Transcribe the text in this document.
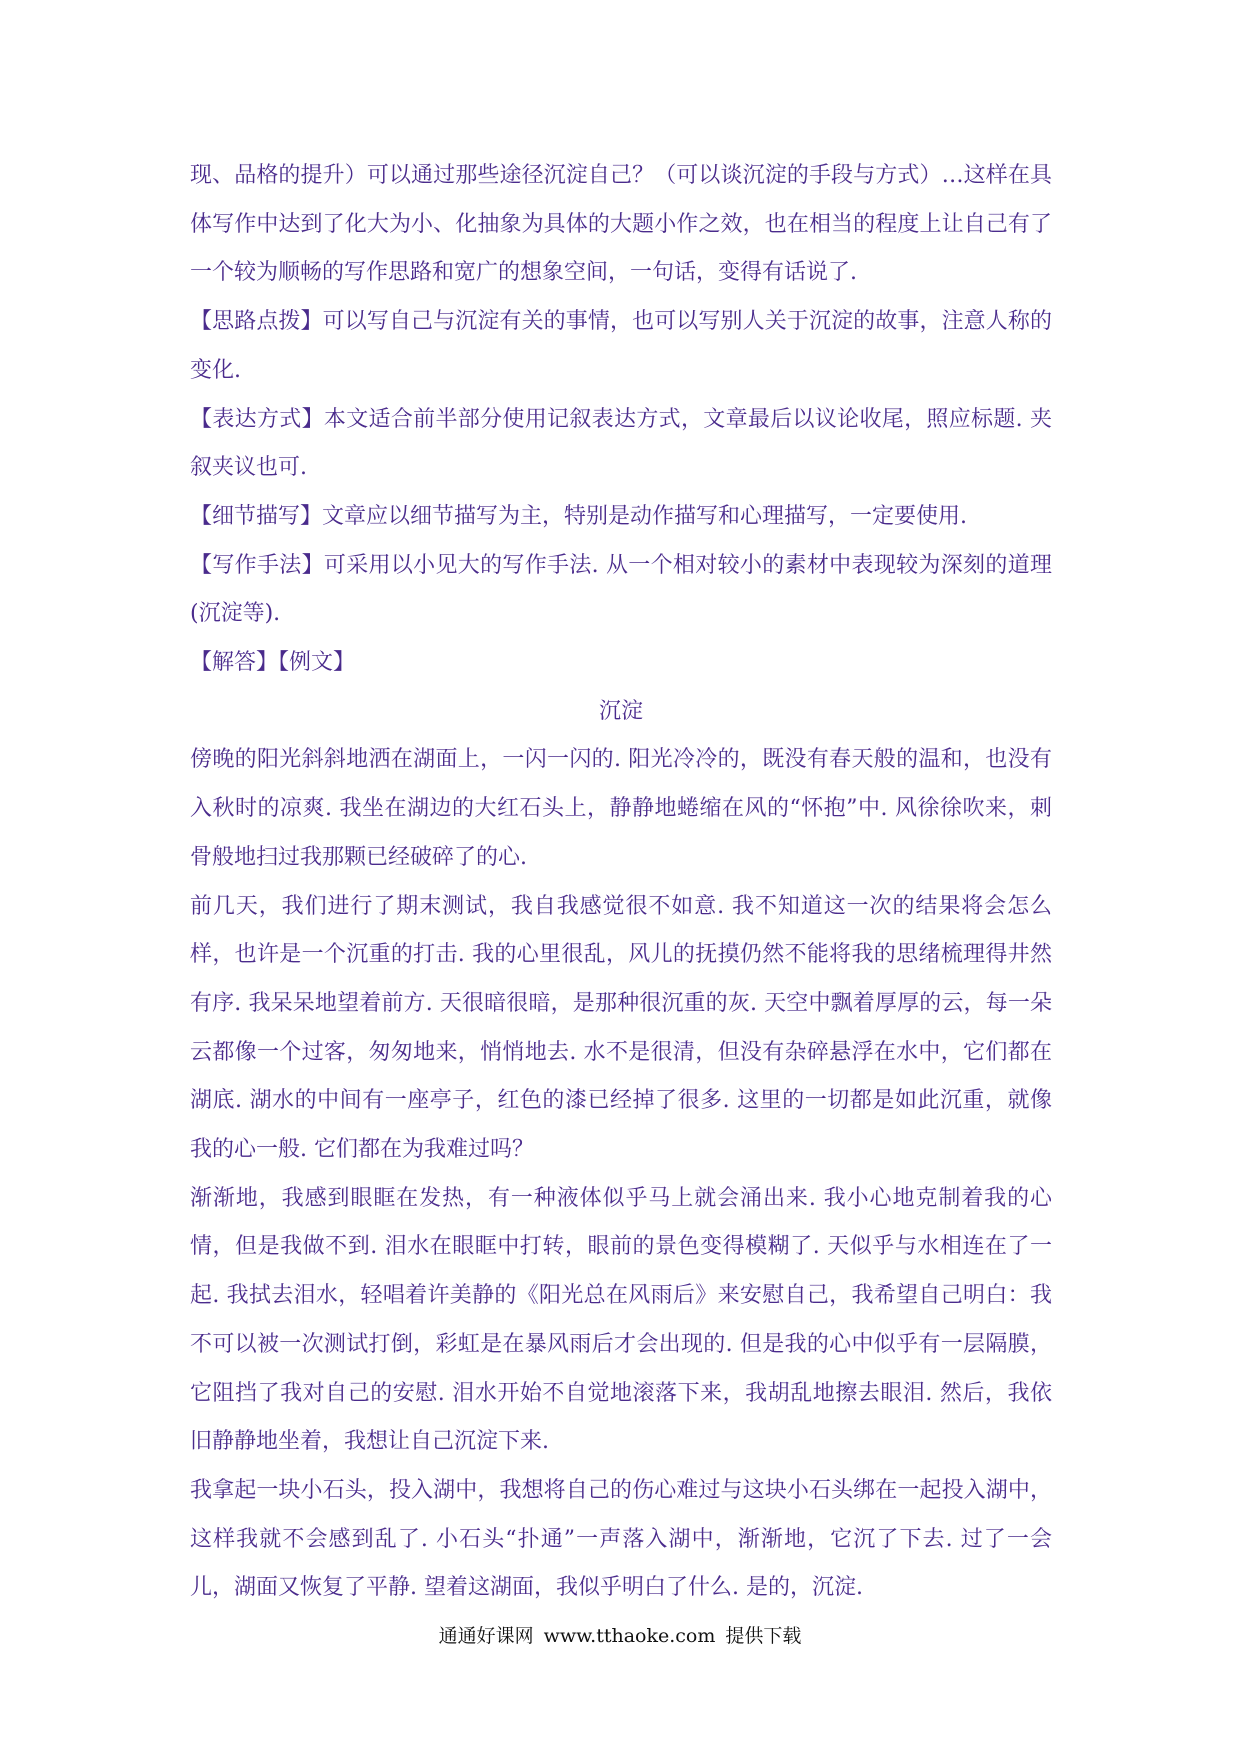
现、品格的提升）可以通过那些途径沉淀自己？（可以谈沉淀的手段与方式）…这样在具体写作中达到了化大为小、化抽象为具体的大题小作之效，也在相当的程度上让自己有了一个较为顺畅的写作思路和宽广的想象空间，一句话，变得有话说了.

【思路点拨】可以写自己与沉淀有关的事情，也可以写别人关于沉淀的故事，注意人称的变化.

【表达方式】本文适合前半部分使用记叙表达方式，文章最后以议论收尾，照应标题. 夹叙夹议也可.

【细节描写】文章应以细节描写为主，特别是动作描写和心理描写，一定要使用.

【写作手法】可采用以小见大的写作手法. 从一个相对较小的素材中表现较为深刻的道理(沉淀等).

【解答】【例文】

沉淀

傍晚的阳光斜斜地洒在湖面上，一闪一闪的. 阳光冷冷的，既没有春天般的温和，也没有入秋时的凉爽. 我坐在湖边的大红石头上，静静地蜷缩在风的“怀抱”中. 风徐徐吹来，刺骨般地扫过我那颗已经破碎了的心.

前几天，我们进行了期末测试，我自我感觉很不如意. 我不知道这一次的结果将会怎么样，也许是一个沉重的打击. 我的心里很乱，风儿的抚摸仍然不能将我的思绪梳理得井然有序. 我呆呆地望着前方. 天很暗很暗，是那种很沉重的灰. 天空中飘着厚厚的云，每一朵云都像一个过客，匆匆地来，悄悄地去. 水不是很清，但没有杂碎悬浮在水中，它们都在湖底. 湖水的中间有一座亭子，红色的漆已经掉了很多. 这里的一切都是如此沉重，就像我的心一般. 它们都在为我难过吗？

渐渐地，我感到眼眶在发热，有一种液体似乎马上就会涌出来. 我小心地克制着我的心情，但是我做不到. 泪水在眼眶中打转，眼前的景色变得模糊了. 天似乎与水相连在了一起. 我拭去泪水，轻唱着许美静的《阳光总在风雨后》来安慰自己，我希望自己明白：我不可以被一次测试打倒，彩虹是在暴风雨后才会出现的. 但是我的心中似乎有一层隔膜，它阻挡了我对自己的安慰. 泪水开始不自觉地滚落下来，我胡乱地擦去眼泪. 然后，我依旧静静地坐着，我想让自己沉淀下来.

我拿起一块小石头，投入湖中，我想将自己的伤心难过与这块小石头绑在一起投入湖中，这样我就不会感到乱了. 小石头“扑通”一声落入湖中，渐渐地，它沉了下去. 过了一会儿，湖面又恢复了平静. 望着这湖面，我似乎明白了什么. 是的，沉淀.

通通好课网 www.tthaoke.com 提供下载
